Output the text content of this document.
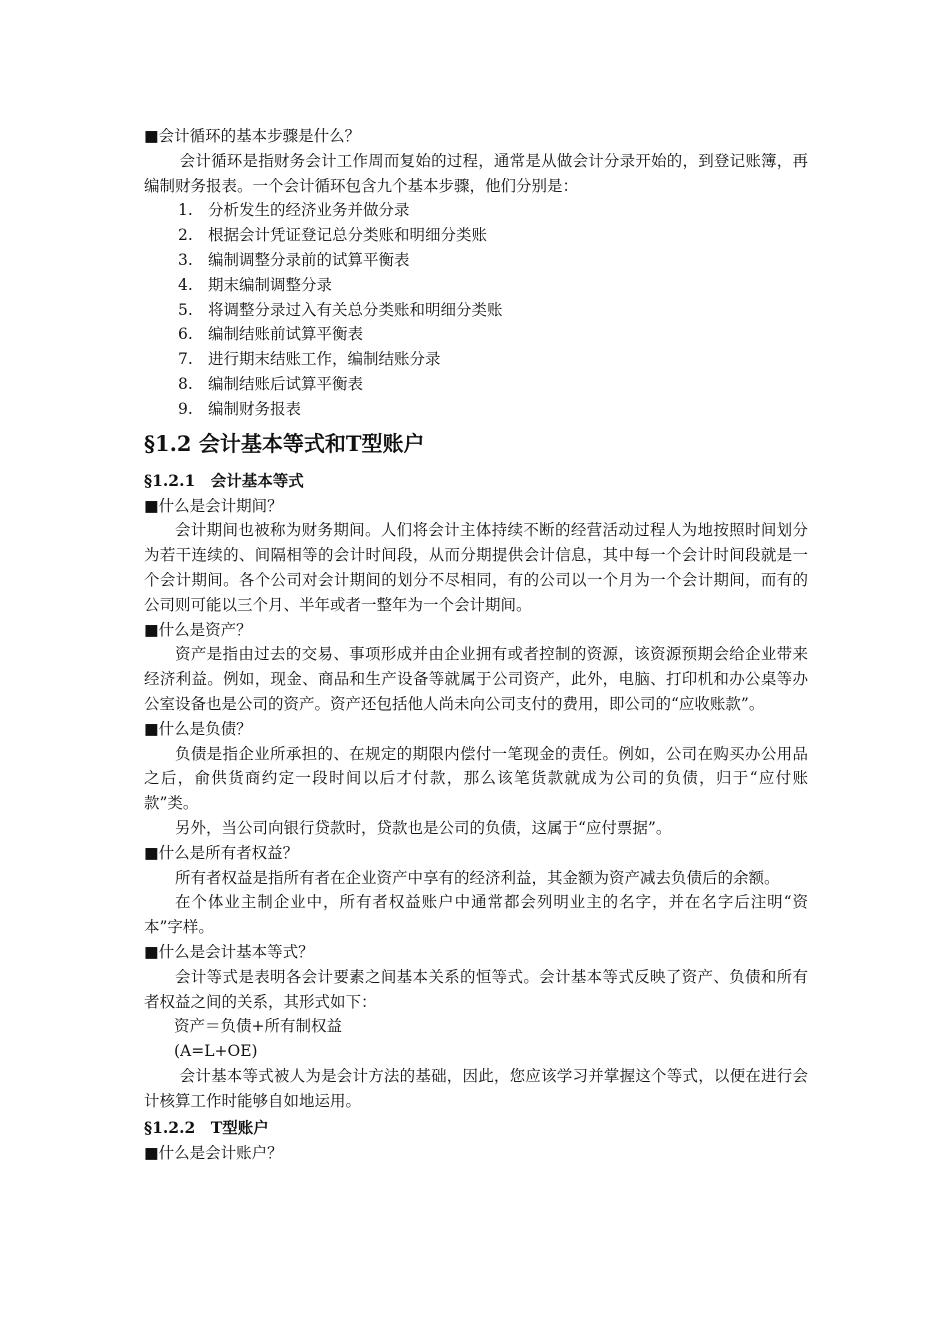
■会计循环的基本步骤是什么？

会计循环是指财务会计工作周而复始的过程，通常是从做会计分录开始的，到登记账簿，再编制财务报表。一个会计循环包含九个基本步骤，他们分别是：

1. 分析发生的经济业务并做分录
2. 根据会计凭证登记总分类账和明细分类账
3. 编制调整分录前的试算平衡表
4. 期末编制调整分录
5. 将调整分录过入有关总分类账和明细分类账
6. 编制结账前试算平衡表
7. 进行期末结账工作，编制结账分录
8. 编制结账后试算平衡表
9. 编制财务报表
§1.2 会计基本等式和T型账户
§1.2.1　会计基本等式
■什么是会计期间？

会计期间也被称为财务期间。人们将会计主体持续不断的经营活动过程人为地按照时间划分为若干连续的、间隔相等的会计时间段，从而分期提供会计信息，其中每一个会计时间段就是一个会计期间。各个公司对会计期间的划分不尽相同，有的公司以一个月为一个会计期间，而有的公司则可能以三个月、半年或者一整年为一个会计期间。

■什么是资产？

资产是指由过去的交易、事项形成并由企业拥有或者控制的资源，该资源预期会给企业带来经济利益。例如，现金、商品和生产设备等就属于公司资产，此外，电脑、打印机和办公桌等办公室设备也是公司的资产。资产还包括他人尚未向公司支付的费用，即公司的“应收账款”。

■什么是负债？

负债是指企业所承担的、在规定的期限内偿付一笔现金的责任。例如，公司在购买办公用品之后，俞供货商约定一段时间以后才付款，那么该笔货款就成为公司的负债，归于“应付账款”类。

另外，当公司向银行贷款时，贷款也是公司的负债，这属于“应付票据”。

■什么是所有者权益？

所有者权益是指所有者在企业资产中享有的经济利益，其金额为资产减去负债后的余额。

在个体业主制企业中，所有者权益账户中通常都会列明业主的名字，并在名字后注明“资本”字样。

■什么是会计基本等式？

会计等式是表明各会计要素之间基本关系的恒等式。会计基本等式反映了资产、负债和所有者权益之间的关系，其形式如下：

资产＝负债+所有制权益
(A=L+OE)

会计基本等式被人为是会计方法的基础，因此，您应该学习并掌握这个等式，以便在进行会计核算工作时能够自如地运用。

§1.2.2　T型账户
■什么是会计账户？
